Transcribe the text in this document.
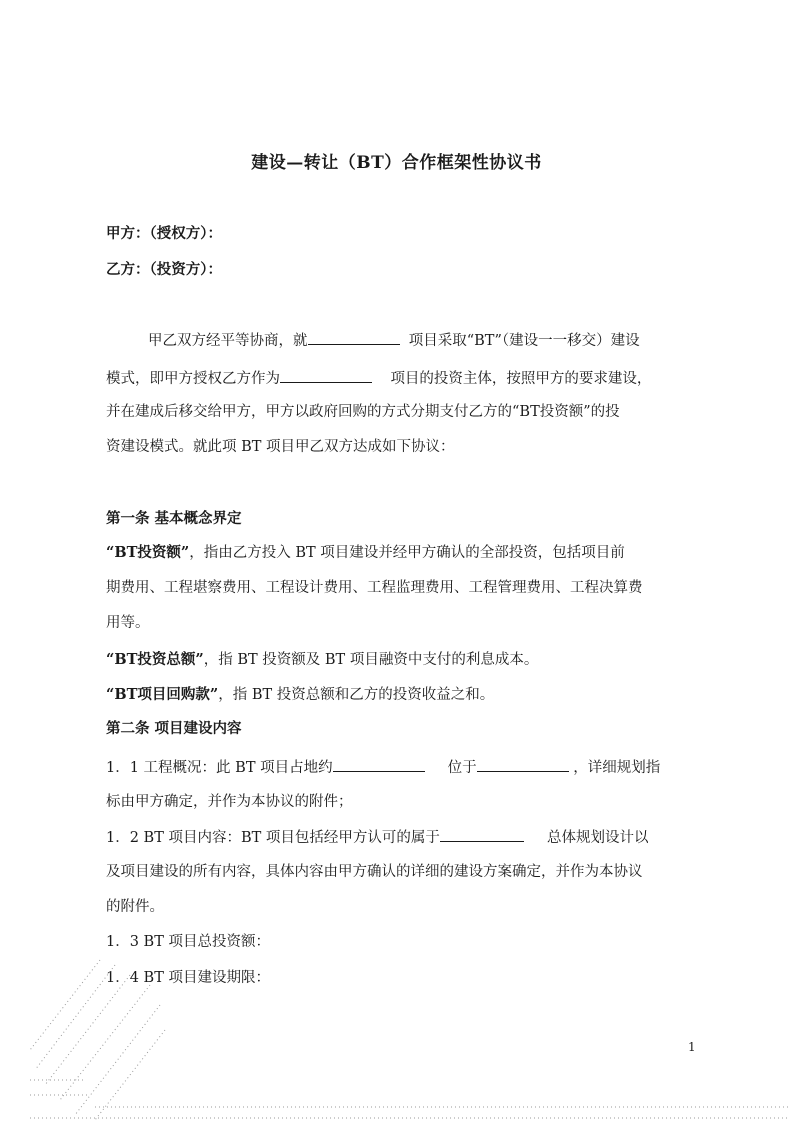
建设—转让（BT）合作框架性协议书
甲方：（授权方）：
乙方：（投资方）：
甲乙双方经平等协商，就	项目采取“BT”（建设一一移交）建设
模式，即甲方授权乙方作为	项目的投资主体，按照甲方的要求建设，
并在建成后移交给甲方，甲方以政府回购的方式分期支付乙方的“BT投资额”的投
资建设模式。就此项 BT 项目甲乙双方达成如下协议：
第一条 基本概念界定
“BT投资额”，指由乙方投入 BT 项目建设并经甲方确认的全部投资，包括项目前
期费用、工程堪察费用、工程设计费用、工程监理费用、工程管理费用、工程决算费
用等。
“BT投资总额”，指 BT 投资额及 BT 项目融资中支付的利息成本。
“BT项目回购款”，指 BT 投资总额和乙方的投资收益之和。
第二条 项目建设内容
1．1 工程概况：此 BT 项目占地约	位于	，详细规划指
标由甲方确定，并作为本协议的附件；
1．2 BT 项目内容：BT 项目包括经甲方认可的属于	总体规划设计以
及项目建设的所有内容，具体内容由甲方确认的详细的建设方案确定，并作为本协议
的附件。
1．3 BT 项目总投资额：
1．4 BT 项目建设期限：
1
